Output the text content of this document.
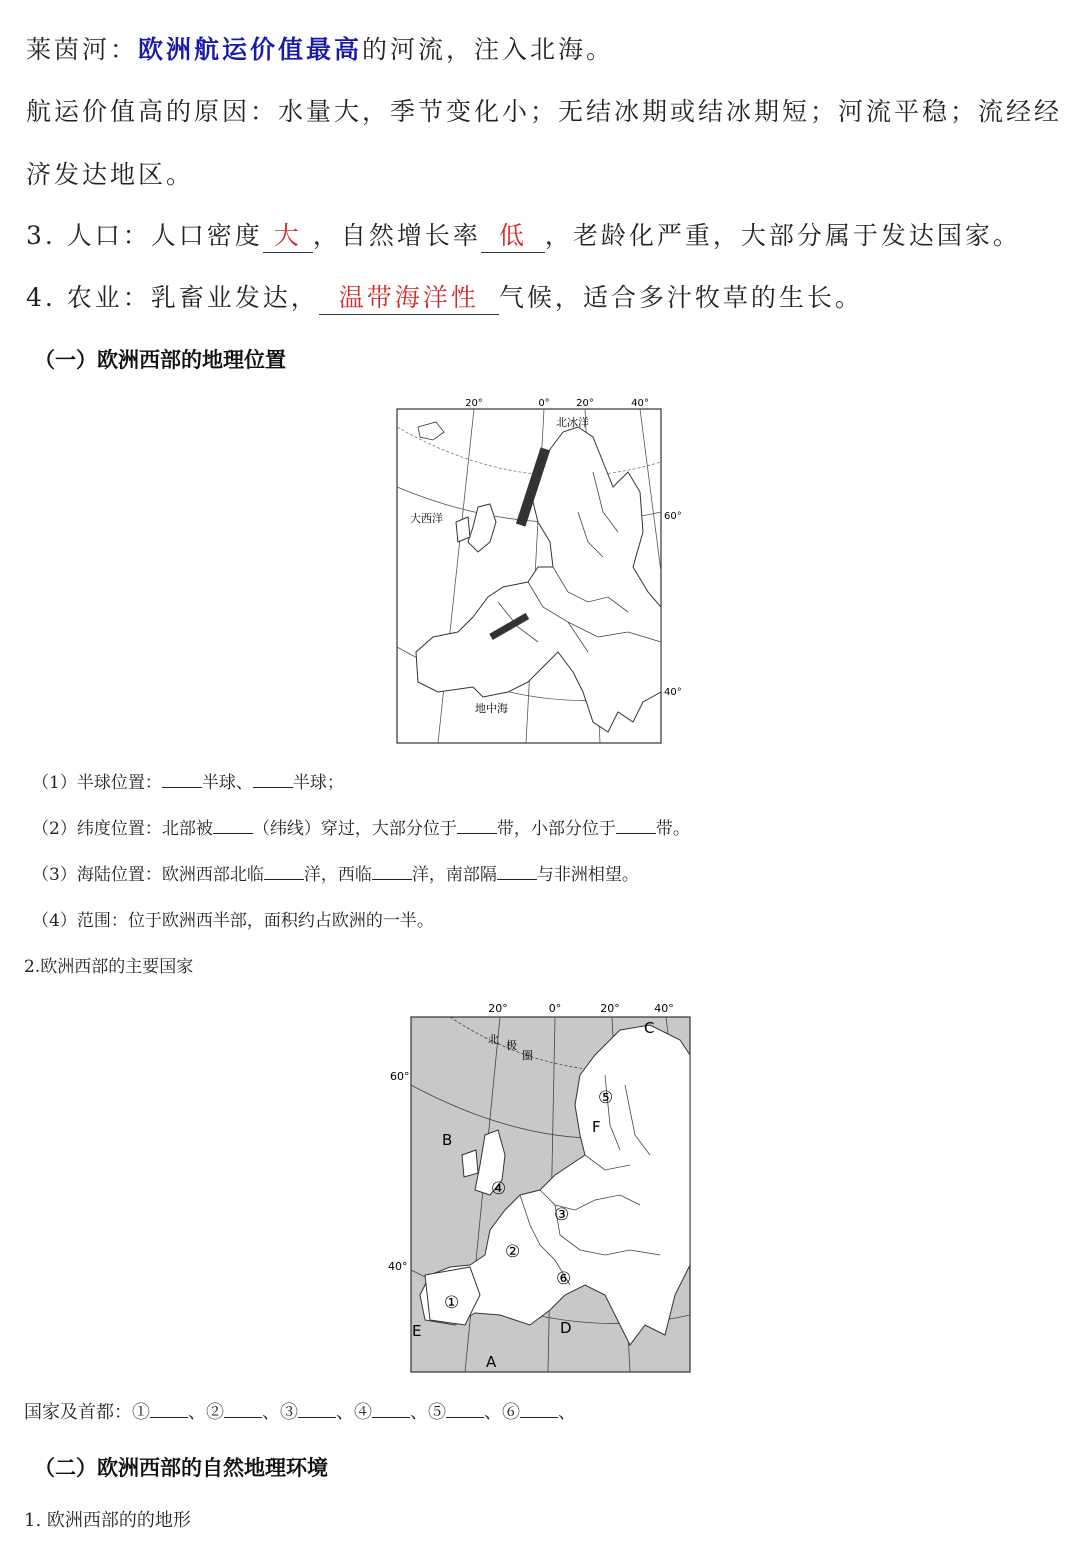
莱茵河：欧洲航运价值最高的河流，注入北海。
航运价值高的原因：水量大，季节变化小；无结冰期或结冰期短；河流平稳；流经经
济发达地区。
3. 人口：人口密度 大 ，自然增长率 低 ，老龄化严重，大部分属于发达国家。
4. 农业：乳畜业发达， 温带海洋性 气候，适合多汁牧草的生长。
（一）欧洲西部的地理位置
20°	0°	20°	40°
60°
40°
北冰洋
大西洋
地中海
（1）半球位置： 半球、 半球；
（2）纬度位置：北部被 （纬线）穿过，大部分位于 带，小部分位于 带。
（3）海陆位置：欧洲西部北临 洋，西临 洋，南部隔 与非洲相望。
（4）范围：位于欧洲西半部，面积约占欧洲的一半。
2.欧洲西部的主要国家
20°	0°	20°	40°
60°
40°
北 极
圈
A
B
C
D
E
F
①
②
③
④
⑤
⑥
国家及首都：① 、② 、③ 、④ 、⑤ 、⑥ 、
（二）欧洲西部的自然地理环境
1. 欧洲西部的的地形
